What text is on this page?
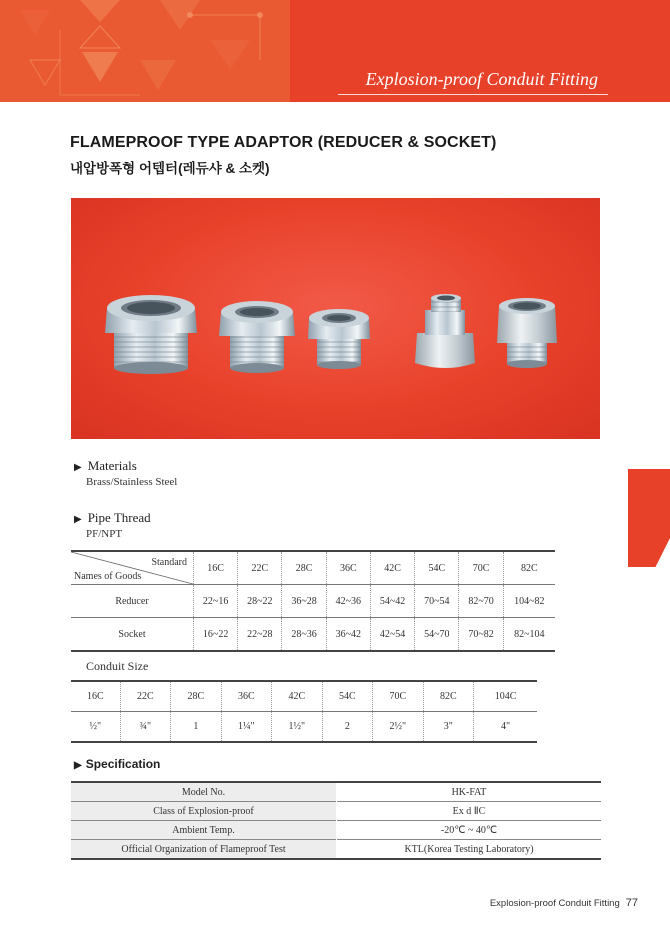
Explosion-proof Conduit Fitting
FLAMEPROOF TYPE ADAPTOR (REDUCER & SOCKET)
내압방폭형 어텝터(레듀샤 & 소켓)
▶ Materials
Brass/Stainless Steel
▶ Pipe Thread
PF/NPT
Standard
Names of Goods	16C	22C	28C	36C	42C	54C	70C	82C
Reducer	22~16	28~22	36~28	42~36	54~42	70~54	82~70	104~82
Socket	16~22	22~28	28~36	36~42	42~54	54~70	70~82	82~104
Conduit Size
16C	22C	28C	36C	42C	54C	70C	82C	104C
½"	¾"	1	1¼"	1½"	2	2½"	3"	4"
▶ Specification
Model No.	HK-FAT
Class of Explosion-proof	Ex d ⅡC
Ambient Temp.	-20℃ ~ 40℃
Official Organization of Flameproof Test	KTL(Korea Testing Laboratory)
Explosion-proof Conduit Fitting 77
